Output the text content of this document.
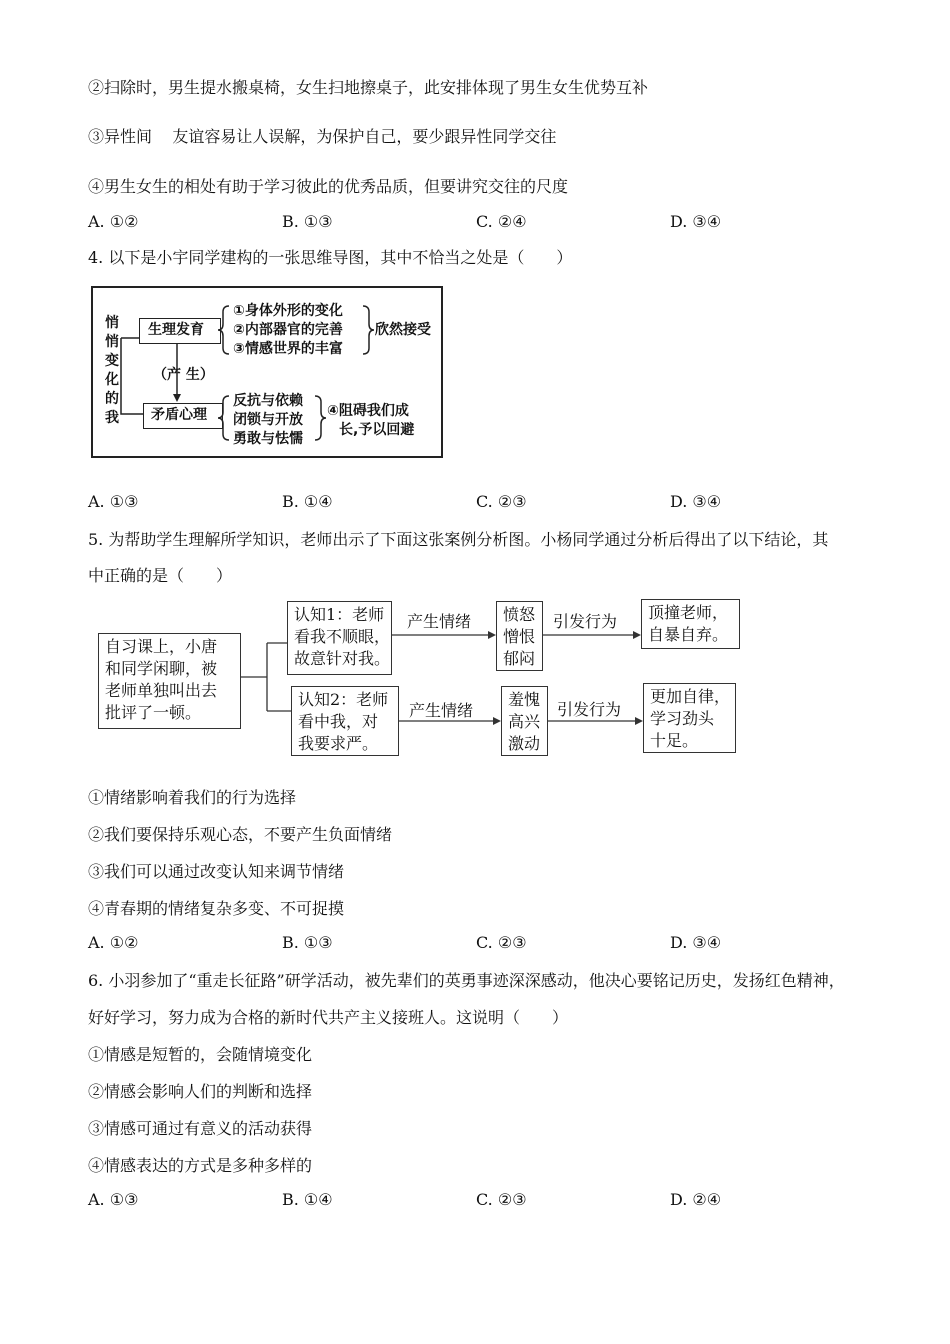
②扫除时，男生提水搬桌椅，女生扫地擦桌子，此安排体现了男生女生优势互补
③异性间    友谊容易让人误解，为保护自己，要少跟异性同学交往
④男生女生的相处有助于学习彼此的优秀品质，但要讲究交往的尺度
A. ①②	B. ①③	C. ②④	D. ③④
4. 以下是小宇同学建构的一张思维导图，其中不恰当之处是（　　）
悄
悄
变
化
的
我
生理发育
矛盾心理
（产 生）
①身体外形的变化
②内部器官的完善
③情感世界的丰富
欣然接受
反抗与依赖
闭锁与开放
勇敢与怯懦
④阻碍我们成
长,予以回避
A. ①③	B. ①④	C. ②③	D. ③④
5. 为帮助学生理解所学知识，老师出示了下面这张案例分析图。小杨同学通过分析后得出了以下结论，其
中正确的是（　　）
自习课上，小唐
和同学闲聊，被
老师单独叫出去
批评了一顿。
认知1：老师
看我不顺眼，
故意针对我。
认知2：老师
看中我，对
我要求严。
产生情绪
产生情绪
愤怒
憎恨
郁闷
羞愧
高兴
激动
引发行为
引发行为
顶撞老师，
自暴自弃。
更加自律，
学习劲头
十足。
①情绪影响着我们的行为选择
②我们要保持乐观心态，不要产生负面情绪
③我们可以通过改变认知来调节情绪
④青春期的情绪复杂多变、不可捉摸
A. ①②	B. ①③	C. ②③	D. ③④
6. 小羽参加了“重走长征路”研学活动，被先辈们的英勇事迹深深感动，他决心要铭记历史，发扬红色精神，
好好学习，努力成为合格的新时代共产主义接班人。这说明（　　）
①情感是短暂的，会随情境变化
②情感会影响人们的判断和选择
③情感可通过有意义的活动获得
④情感表达的方式是多种多样的
A. ①③	B. ①④	C. ②③	D. ②④
